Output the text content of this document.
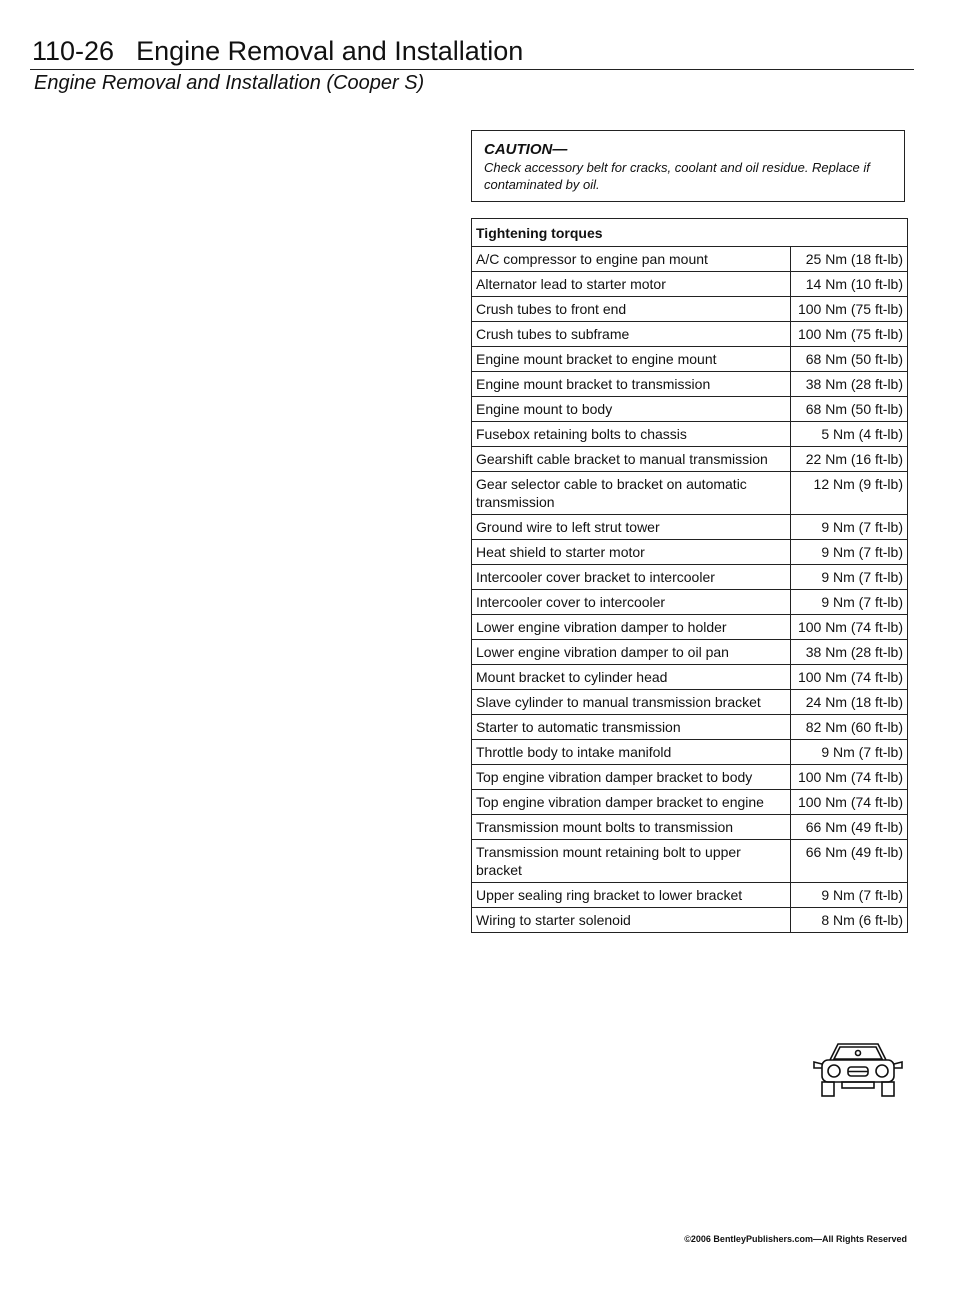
110-26 Engine Removal and Installation
Engine Removal and Installation (Cooper S)
CAUTION—
Check accessory belt for cracks, coolant and oil residue. Replace if contaminated by oil.
Tightening torques	
A/C compressor to engine pan mount	25 Nm (18 ft-lb)
Alternator lead to starter motor	14 Nm (10 ft-lb)
Crush tubes to front end	100 Nm (75 ft-lb)
Crush tubes to subframe	100 Nm (75 ft-lb)
Engine mount bracket to engine mount	68 Nm (50 ft-lb)
Engine mount bracket to transmission	38 Nm (28 ft-lb)
Engine mount to body	68 Nm (50 ft-lb)
Fusebox retaining bolts to chassis	5 Nm (4 ft-lb)
Gearshift cable bracket to manual transmission	22 Nm (16 ft-lb)
Gear selector cable to bracket on automatic transmission	12 Nm (9 ft-lb)
Ground wire to left strut tower	9 Nm (7 ft-lb)
Heat shield to starter motor	9 Nm (7 ft-lb)
Intercooler cover bracket to intercooler	9 Nm (7 ft-lb)
Intercooler cover to intercooler	9 Nm (7 ft-lb)
Lower engine vibration damper to holder	100 Nm (74 ft-lb)
Lower engine vibration damper to oil pan	38 Nm (28 ft-lb)
Mount bracket to cylinder head	100 Nm (74 ft-lb)
Slave cylinder to manual transmission bracket	24 Nm (18 ft-lb)
Starter to automatic transmission	82 Nm (60 ft-lb)
Throttle body to intake manifold	9 Nm (7 ft-lb)
Top engine vibration damper bracket to body	100 Nm (74 ft-lb)
Top engine vibration damper bracket to engine	100 Nm (74 ft-lb)
Transmission mount bolts to transmission	66 Nm (49 ft-lb)
Transmission mount retaining bolt to upper bracket	66 Nm (49 ft-lb)
Upper sealing ring bracket to lower bracket	9 Nm (7 ft-lb)
Wiring to starter solenoid	8 Nm (6 ft-lb)
©2006 BentleyPublishers.com—All Rights Reserved
